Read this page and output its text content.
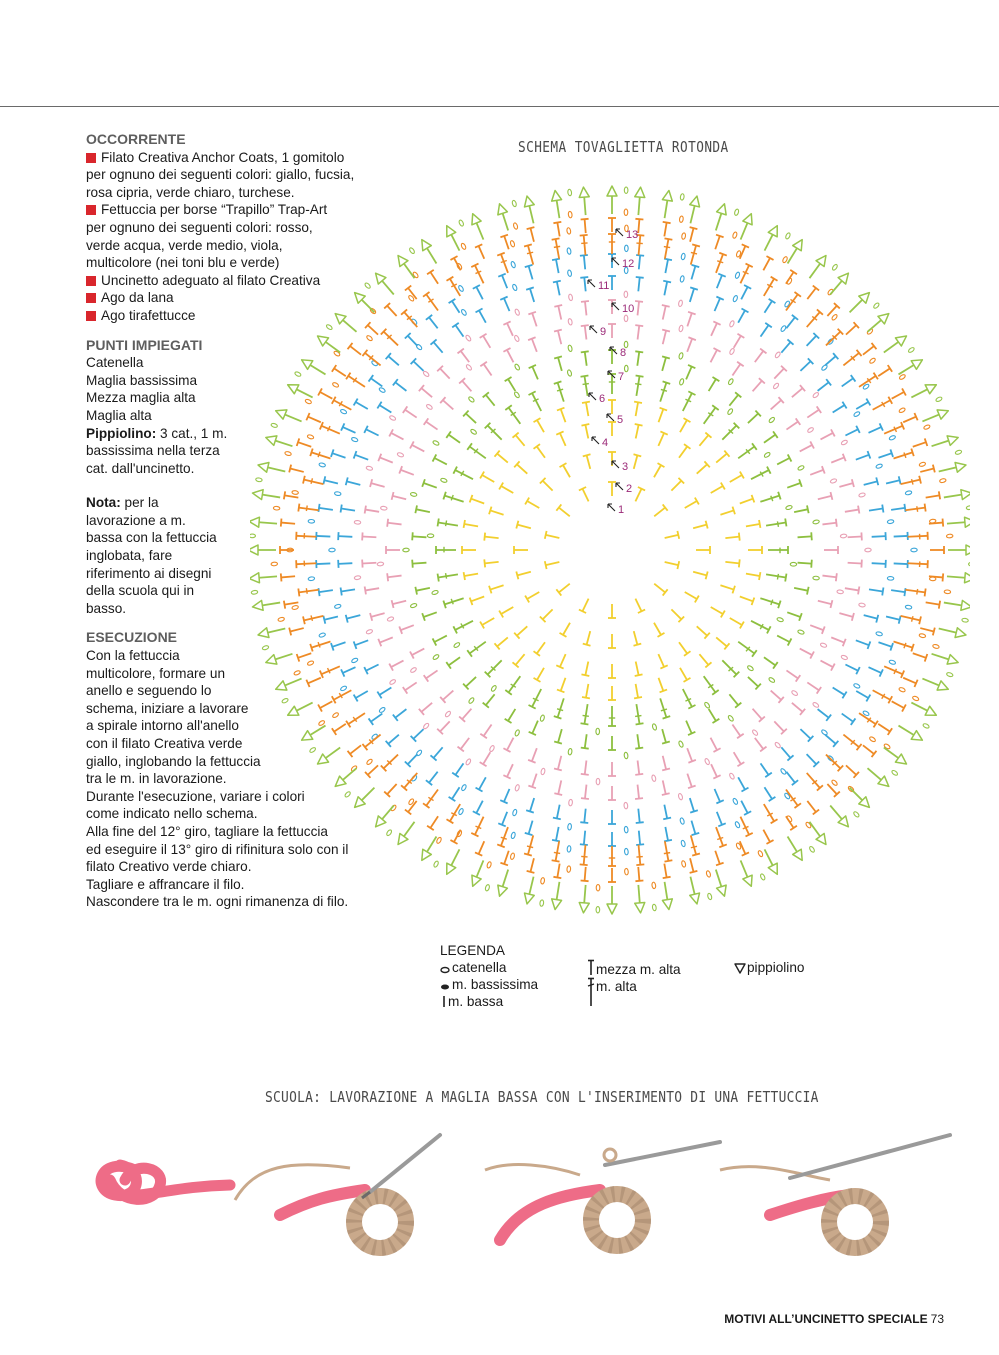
OCCORRENTE

Filato Creativa Anchor Coats, 1 gomitolo
per ognuno dei seguenti colori: giallo, fucsia,
rosa cipria, verde chiaro, turchese.
Fettuccia per borse “Trapillo” Trap-Art
per ognuno dei seguenti colori: rosso,
verde acqua, verde medio, viola,
multicolore (nei toni blu e verde)
Uncinetto adeguato al filato Creativa
Ago da lana
Ago tirafettucce

PUNTI IMPIEGATI

Catenella
Maglia bassissima
Mezza maglia alta
Maglia alta
Pippiolino: 3 cat., 1 m.
bassissima nella terza
cat. dall'uncinetto.
Nota: per la
lavorazione a m.
bassa con la fettuccia
inglobata, fare
riferimento ai disegni
della scuola qui in
basso.

ESECUZIONE

Con la fettuccia
multicolore, formare un
anello e seguendo lo
schema, iniziare a lavorare
a spirale intorno all'anello
con il filato Creativa verde
giallo, inglobando la fettuccia
tra le m. in lavorazione.
Durante l'esecuzione, variare i colori
come indicato nello schema.
Alla fine del 12° giro, tagliare la fettuccia
ed eseguire il 13° giro di rifinitura solo con il
filato Creativo verde chiaro.
Tagliare e affrancare il filo.
Nascondere tra le m. ogni rimanenza di filo.
SCHEMA TOVAGLIETTA ROTONDA
1
2
3
4
5
6
7
8
9
10
11
12
13
LEGENDA
catenella
m. bassissima
m. bassa
mezza m. alta
m. alta
pippiolino
SCUOLA: LAVORAZIONE A MAGLIA BASSA CON L'INSERIMENTO DI UNA FETTUCCIA
MOTIVI ALL’UNCINETTO SPECIALE 73
